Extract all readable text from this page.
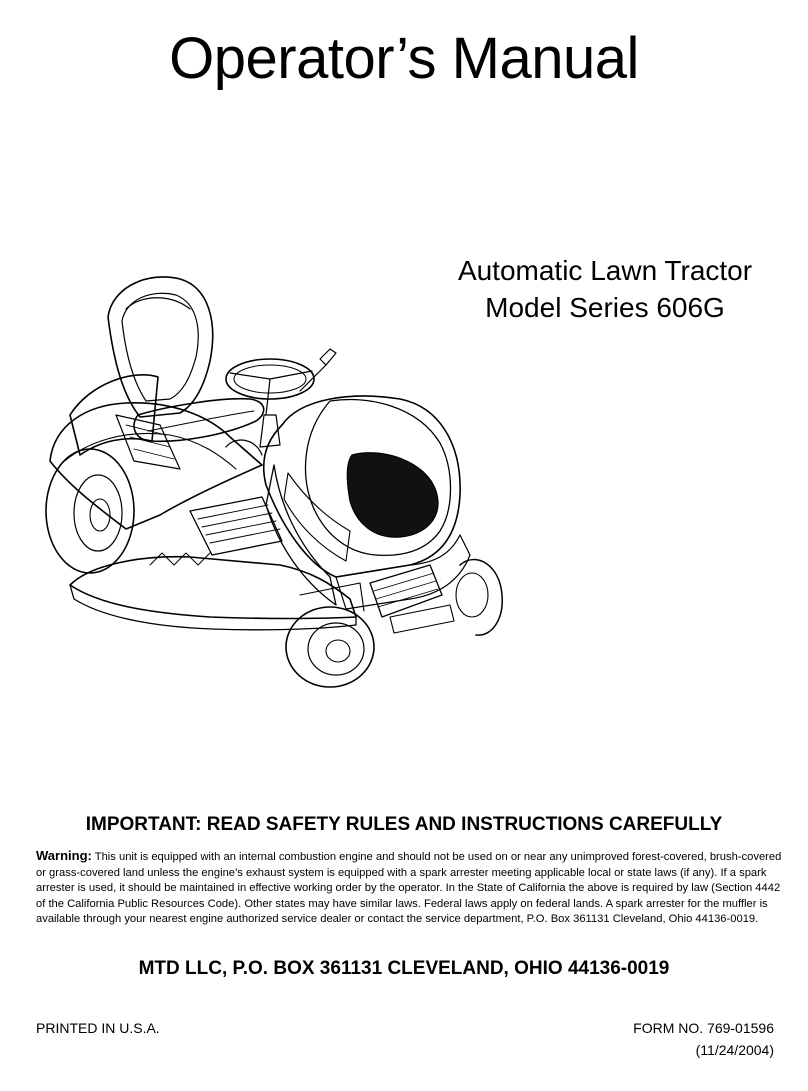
Operator’s Manual
Automatic Lawn Tractor
Model Series 606G
IMPORTANT: READ SAFETY RULES AND INSTRUCTIONS CAREFULLY
Warning: This unit is equipped with an internal combustion engine and should not be used on or near any unimproved forest-covered, brush-covered or grass-covered land unless the engine’s exhaust system is equipped with a spark arrester meeting applicable local or state laws (if any). If a spark arrester is used, it should be maintained in effective working order by the operator. In the State of California the above is required by law (Section 4442 of the California Public Resources Code). Other states may have similar laws. Federal laws apply on federal lands. A spark arrester for the muffler is available through your nearest engine authorized service dealer or contact the service department, P.O. Box 361131 Cleveland, Ohio 44136-0019.
MTD LLC, P.O. BOX 361131 CLEVELAND, OHIO 44136-0019
PRINTED IN U.S.A.	FORM NO. 769-01596
(11/24/2004)
